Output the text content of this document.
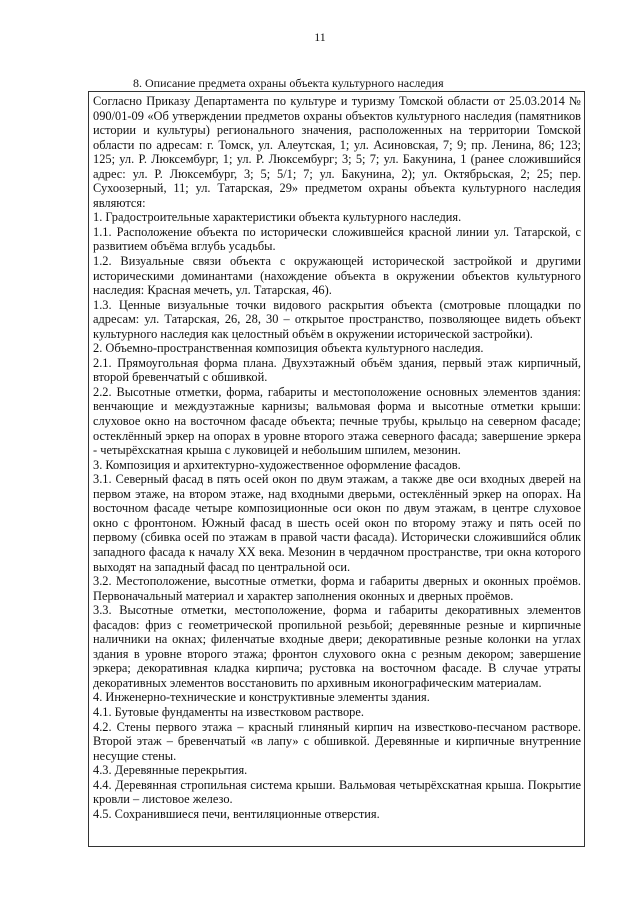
11
8. Описание предмета охраны объекта культурного наследия

Согласно Приказу Департамента по культуре и туризму Томской области от 25.03.2014 № 090/01-09 «Об утверждении предметов охраны объектов культурного наследия (памятников истории и культуры) регионального значения, расположенных на территории Томской области по адресам: г. Томск, ул. Алеутская, 1; ул. Асиновская, 7; 9; пр. Ленина, 86; 123; 125; ул. Р. Люксембург, 1; ул. Р. Люксембург; 3; 5; 7; ул. Бакунина, 1 (ранее сложившийся адрес: ул. Р. Люксембург, 3; 5; 5/1; 7; ул. Бакунина, 2); ул. Октябрьская, 2; 25; пер. Сухоозерный, 11; ул. Татарская, 29» предметом охраны объекта культурного наследия являются:

1. Градостроительные характеристики объекта культурного наследия.

1.1. Расположение объекта по исторически сложившейся красной линии ул. Татарской, с развитием объёма вглубь усадьбы.

1.2. Визуальные связи объекта с окружающей исторической застройкой и другими историческими доминантами (нахождение объекта в окружении объектов культурного наследия: Красная мечеть, ул. Татарская, 46).

1.3. Ценные визуальные точки видового раскрытия объекта (смотровые площадки по адресам: ул. Татарская, 26, 28, 30 – открытое пространство, позволяющее видеть объект культурного наследия как целостный объём в окружении исторической застройки).

2. Объемно-пространственная композиция объекта культурного наследия.

2.1. Прямоугольная форма плана. Двухэтажный объём здания, первый этаж кирпичный, второй бревенчатый с обшивкой.

2.2. Высотные отметки, форма, габариты и местоположение основных элементов здания: венчающие и междуэтажные карнизы; вальмовая форма и высотные отметки крыши: слуховое окно на восточном фасаде объекта; печные трубы, крыльцо на северном фасаде; остеклённый эркер на опорах в уровне второго этажа северного фасада; завершение эркера - четырёхскатная крыша с луковицей и небольшим шпилем, мезонин.

3. Композиция и архитектурно-художественное оформление фасадов.

3.1. Северный фасад в пять осей окон по двум этажам, а также две оси входных дверей на первом этаже, на втором этаже, над входными дверьми, остеклённый эркер на опорах. На восточном фасаде четыре композиционные оси окон по двум этажам, в центре слуховое окно с фронтоном. Южный фасад в шесть осей окон по второму этажу и пять осей по первому (сбивка осей по этажам в правой части фасада). Исторически сложившийся облик западного фасада к началу XX века. Мезонин в чердачном пространстве, три окна которого выходят на западный фасад по центральной оси.

3.2. Местоположение, высотные отметки, форма и габариты дверных и оконных проёмов. Первоначальный материал и характер заполнения оконных и дверных проёмов.

3.3. Высотные отметки, местоположение, форма и габариты декоративных элементов фасадов: фриз с геометрической пропильной резьбой; деревянные резные и кирпичные наличники на окнах; филенчатые входные двери; декоративные резные колонки на углах здания в уровне второго этажа; фронтон слухового окна с резным декором; завершение эркера; декоративная кладка кирпича; рустовка на восточном фасаде. В случае утраты декоративных элементов восстановить по архивным иконографическим материалам.

4. Инженерно-технические и конструктивные элементы здания.

4.1. Бутовые фундаменты на известковом растворе.

4.2. Стены первого этажа – красный глиняный кирпич на известково-песчаном растворе. Второй этаж – бревенчатый «в лапу» с обшивкой. Деревянные и кирпичные внутренние несущие стены.

4.3. Деревянные перекрытия.

4.4. Деревянная стропильная система крыши. Вальмовая четырёхскатная крыша. Покрытие кровли – листовое железо.

4.5. Сохранившиеся печи, вентиляционные отверстия.
